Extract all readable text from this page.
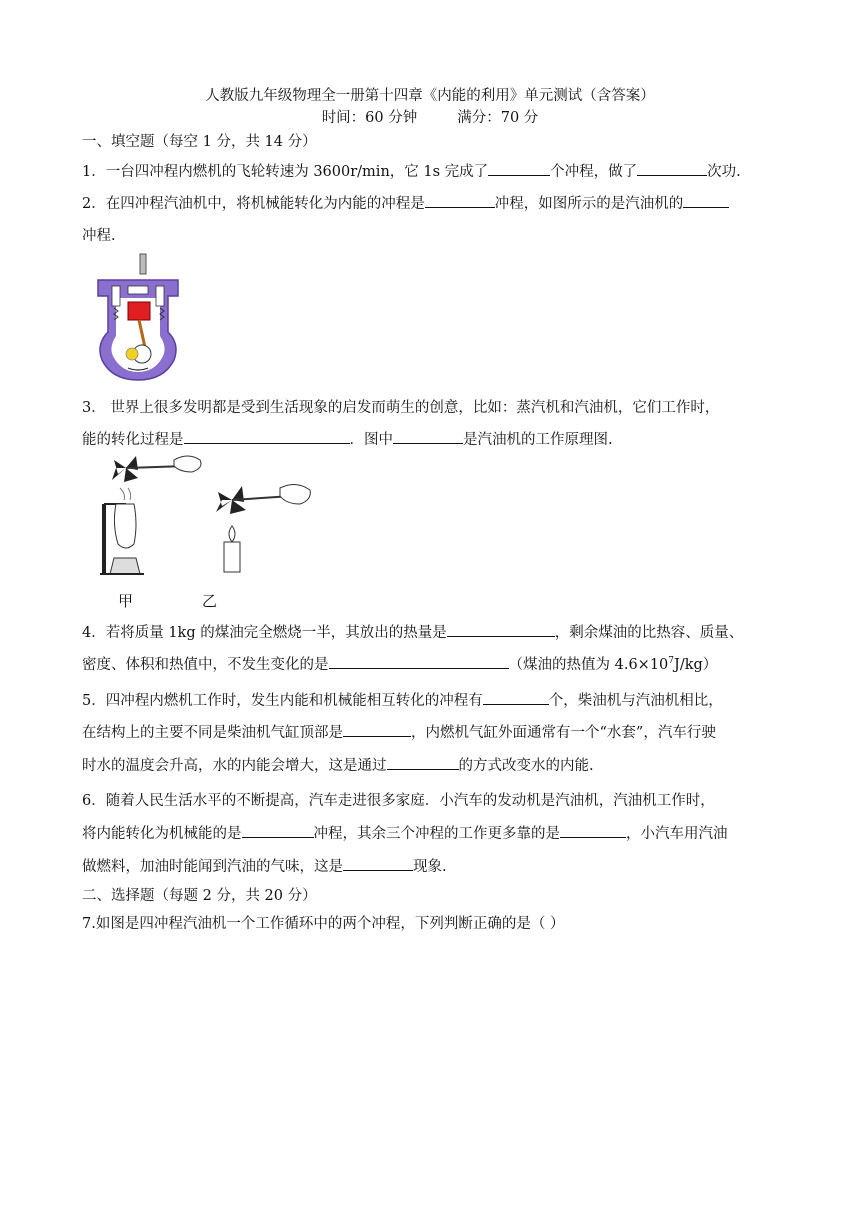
人教版九年级物理全一册第十四章《内能的利用》单元测试（含答案）
时间：60 分钟	满分：70 分
一、填空题（每空 1 分，共 14 分）
1．一台四冲程内燃机的飞轮转速为 3600r/min，它 1s 完成了	个冲程，做了	次功.
2．在四冲程汽油机中，将机械能转化为内能的冲程是	冲程，如图所示的是汽油机的
冲程.
3． 世界上很多发明都是受到生活现象的启发而萌生的创意，比如：蒸汽机和汽油机，它们工作时，
能的转化过程是	．图中	是汽油机的工作原理图.
甲	乙
4．若将质量 1kg 的煤油完全燃烧一半，其放出的热量是	，剩余煤油的比热容、质量、
密度、体积和热值中，不发生变化的是	（煤油的热值为 $4.6\times 10^7J/kg$）
5．四冲程内燃机工作时，发生内能和机械能相互转化的冲程有	个，柴油机与汽油机相比，
在结构上的主要不同是柴油机气缸顶部是	，内燃机气缸外面通常有一个“水套”，汽车行驶
时水的温度会升高，水的内能会增大，这是通过	的方式改变水的内能.
6．随着人民生活水平的不断提高，汽车走进很多家庭．小汽车的发动机是汽油机，汽油机工作时，
将内能转化为机械能的是	冲程，其余三个冲程的工作更多靠的是	，小汽车用汽油
做燃料，加油时能闻到汽油的气味，这是	现象.
二、选择题（每题 2 分，共 20 分）
7.如图是四冲程汽油机一个工作循环中的两个冲程，下列判断正确的是（ ）
